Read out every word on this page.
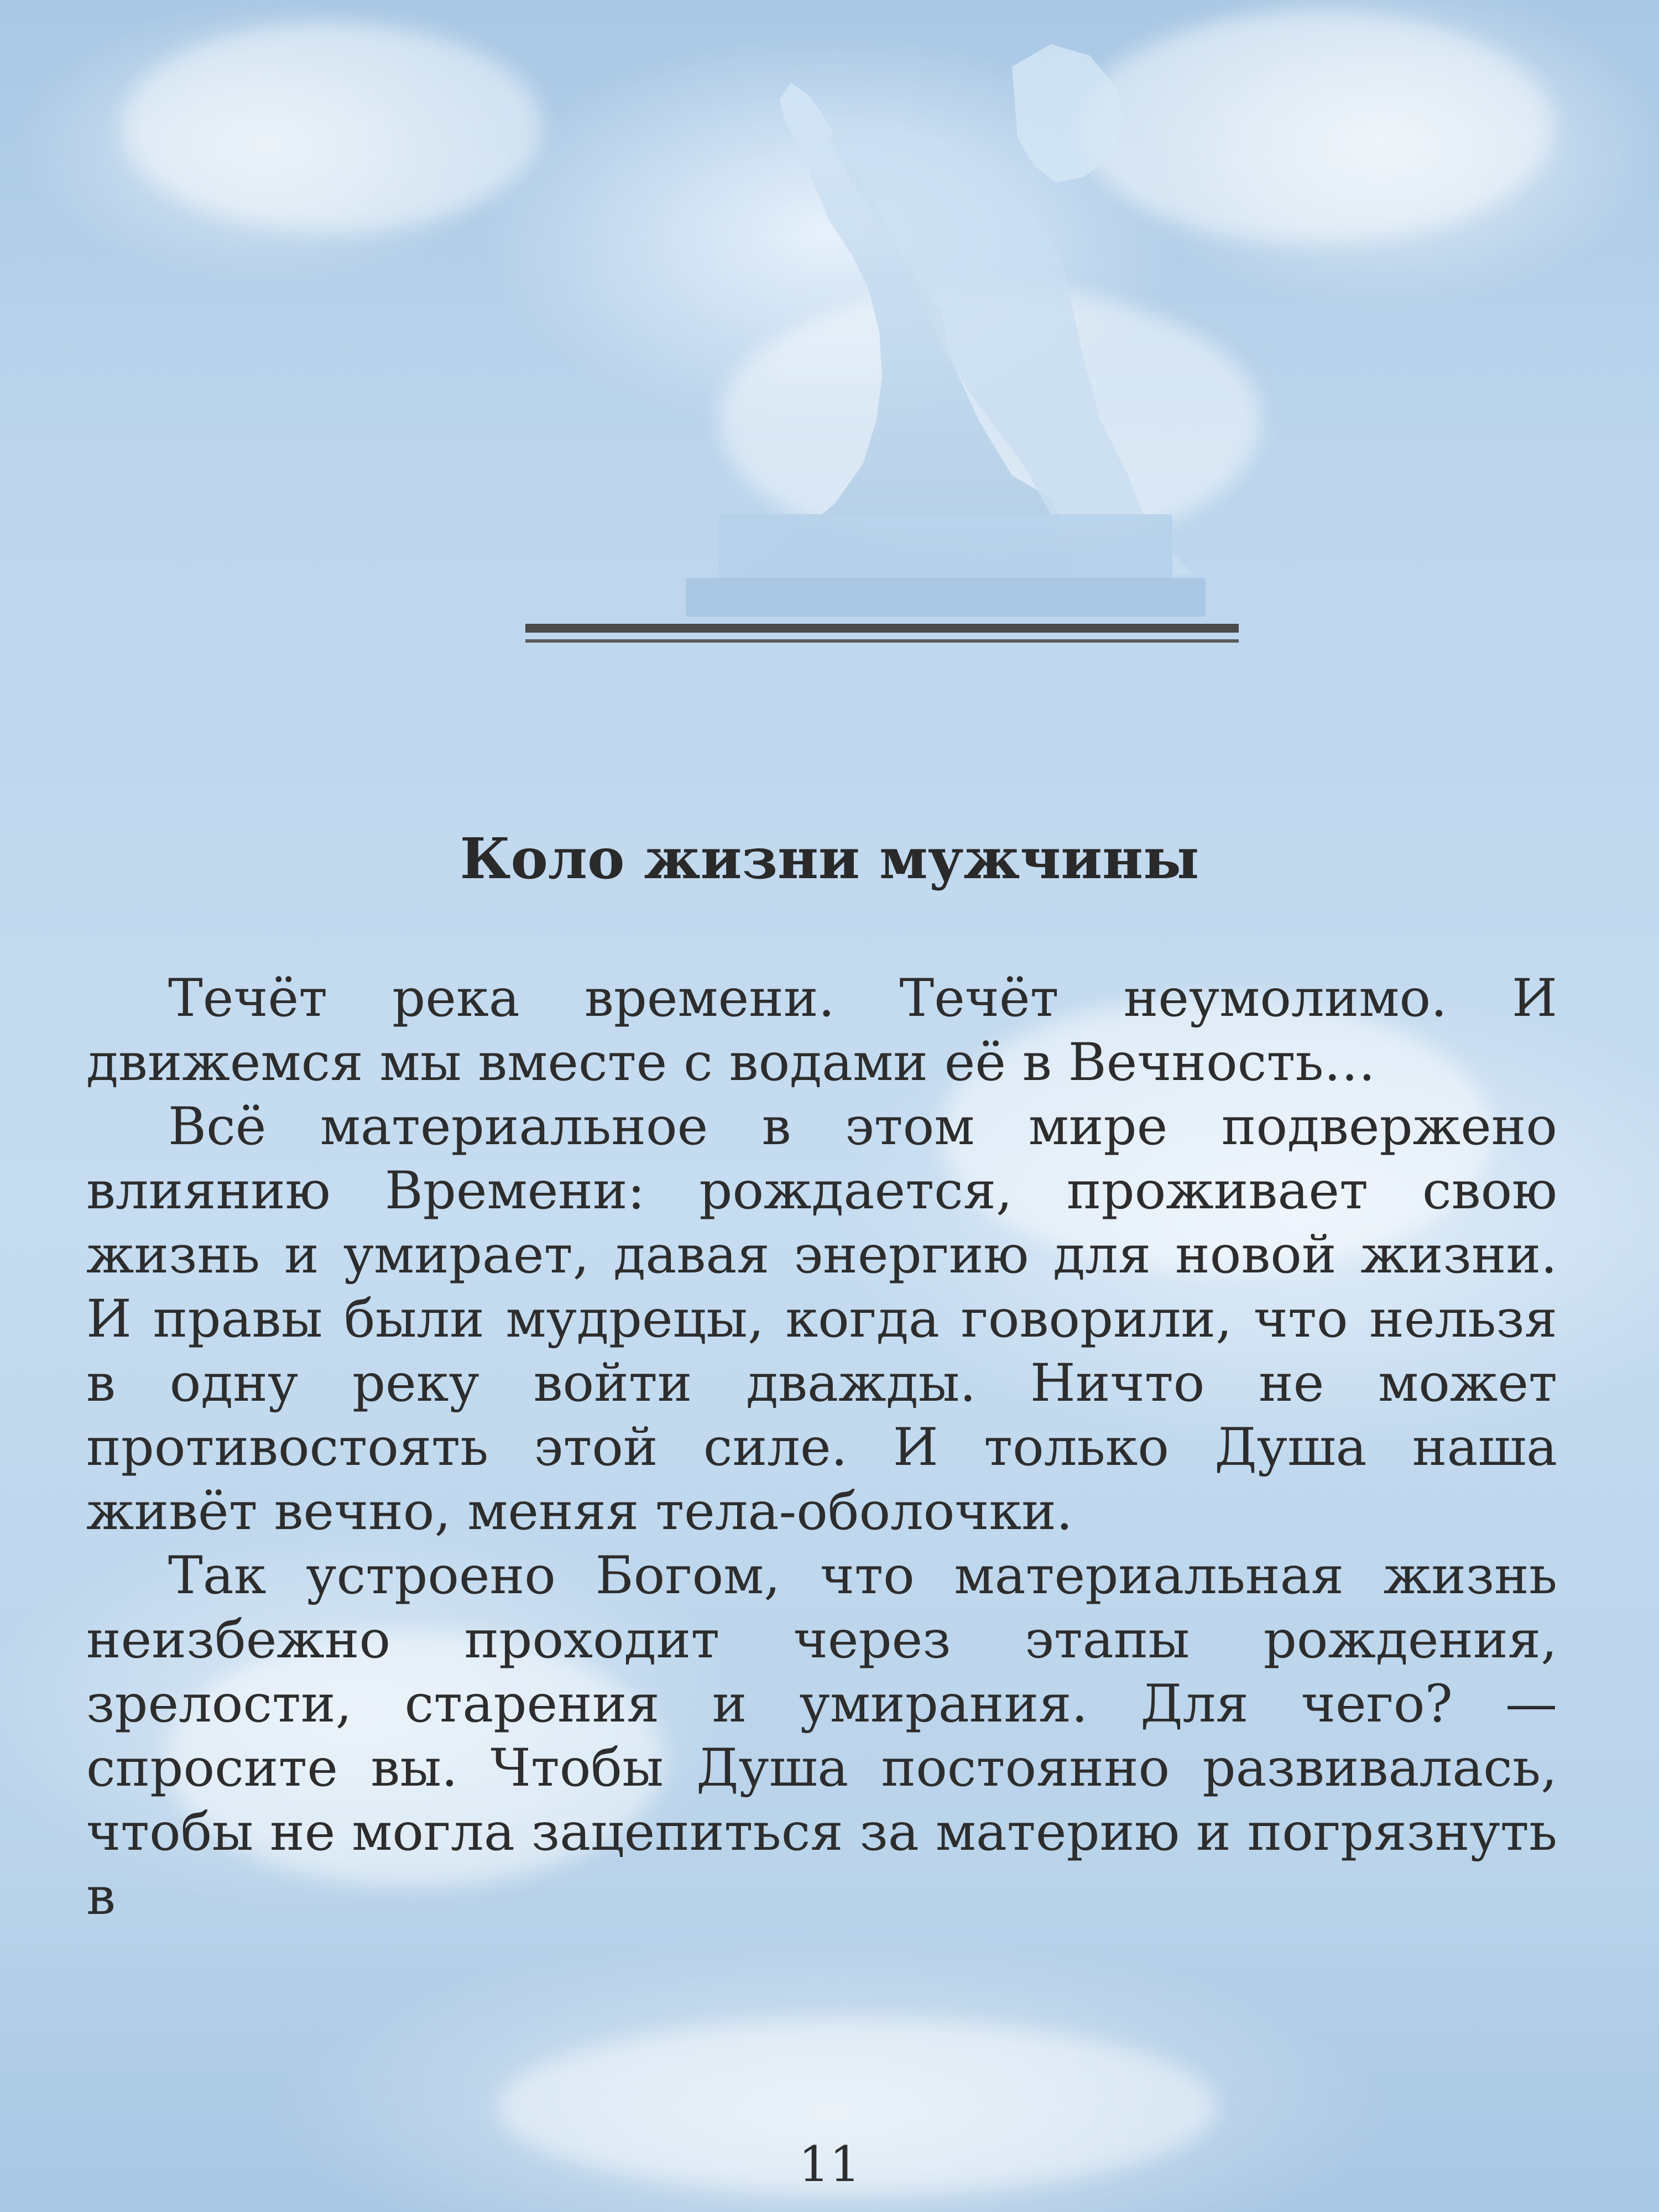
Коло жизни мужчины

Течёт река времени. Течёт неумолимо. И движемся мы вместе с водами её в Вечность…

Всё материальное в этом мире подвержено влиянию Времени: рождается, проживает свою жизнь и умирает, давая энергию для новой жизни. И правы были мудрецы, когда говорили, что нельзя в одну реку войти дважды. Ничто не может противостоять этой силе. И только Душа наша живёт вечно, меняя тела-оболочки.

Так устроено Богом, что материальная жизнь неизбежно проходит через этапы рождения, зрелости, старения и умирания. Для чего? — спросите вы. Чтобы Душа постоянно развивалась, чтобы не могла зацепиться за материю и погрязнуть в

11
